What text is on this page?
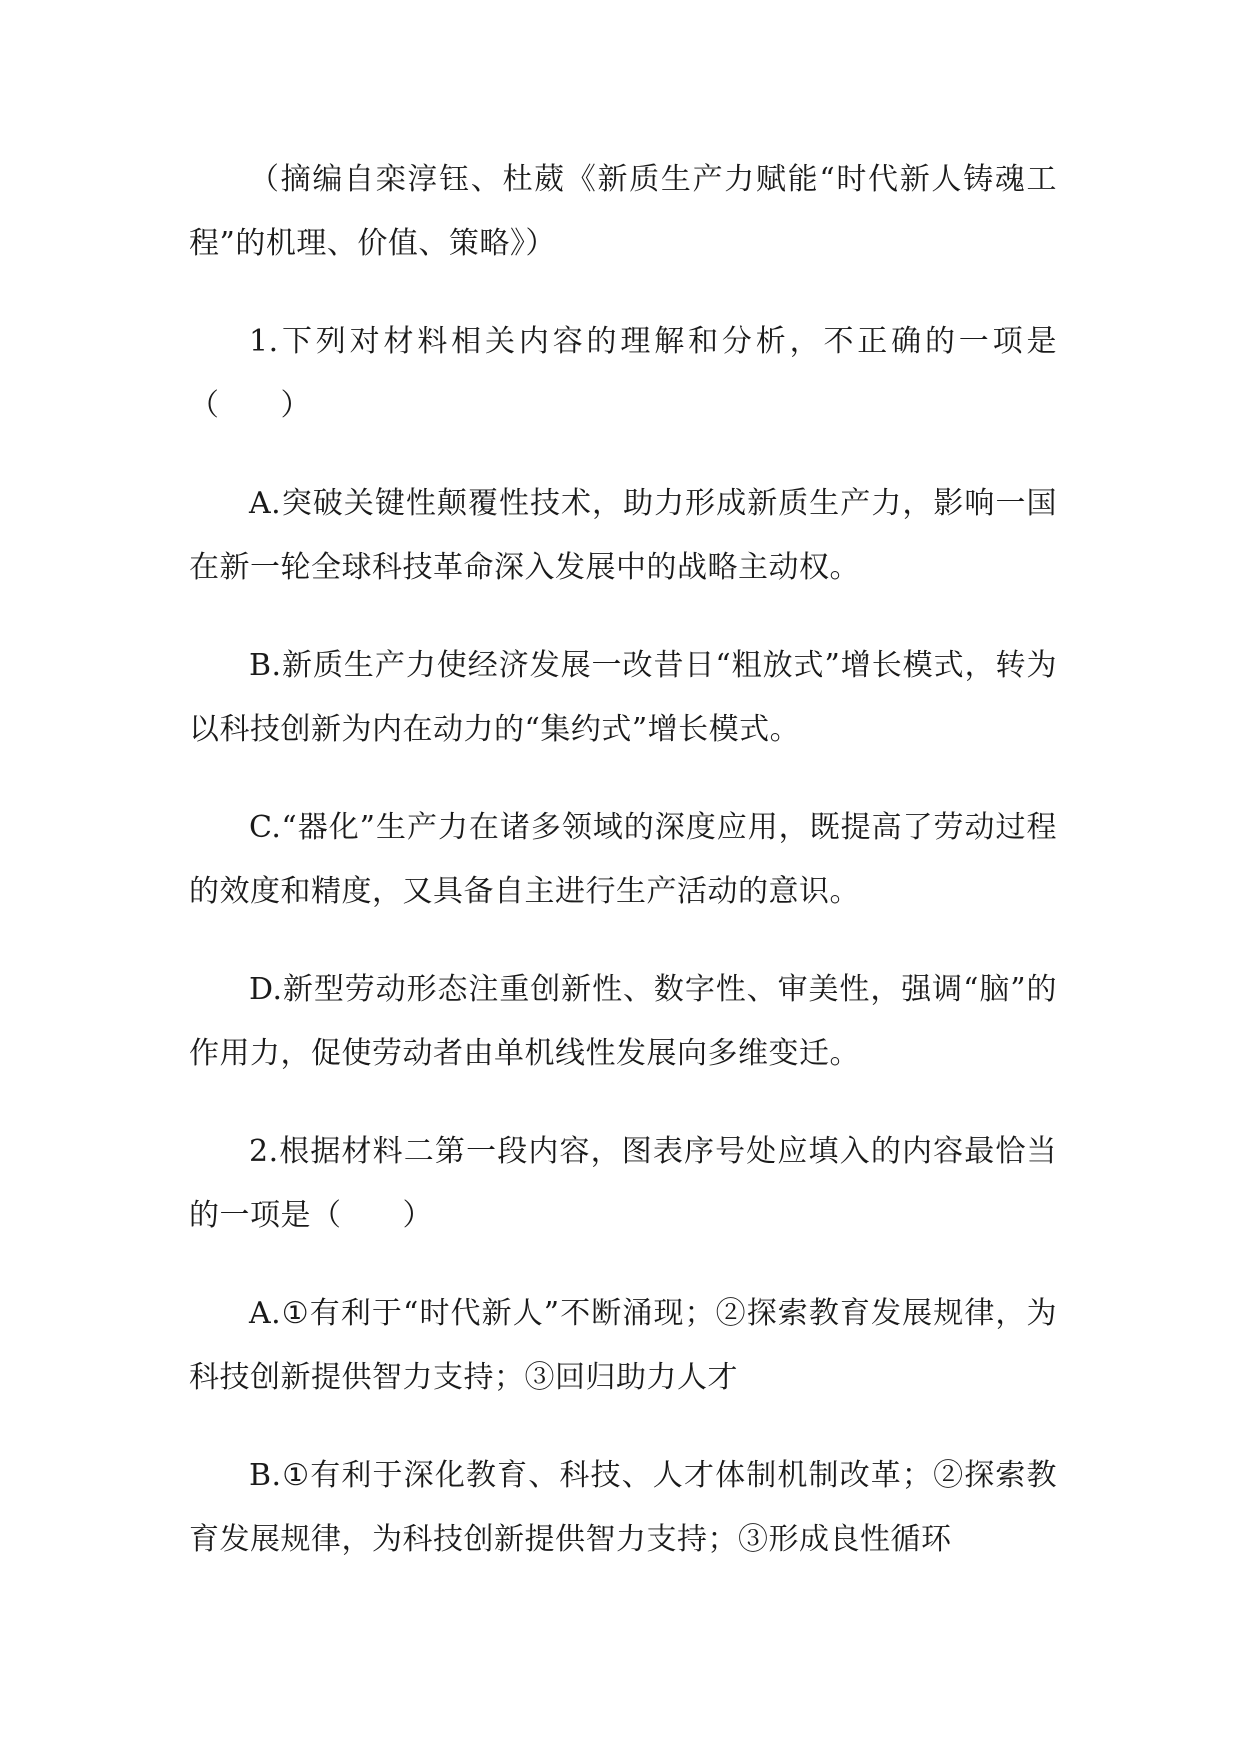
（摘编自栾淳钰、杜葳《新质生产力赋能“时代新人铸魂工程”的机理、价值、策略》）

1.下列对材料相关内容的理解和分析，不正确的一项是（　　）

A.突破关键性颠覆性技术，助力形成新质生产力，影响一国在新一轮全球科技革命深入发展中的战略主动权。

B.新质生产力使经济发展一改昔日“粗放式”增长模式，转为以科技创新为内在动力的“集约式”增长模式。

C.“器化”生产力在诸多领域的深度应用，既提高了劳动过程的效度和精度，又具备自主进行生产活动的意识。

D.新型劳动形态注重创新性、数字性、审美性，强调“脑”的作用力，促使劳动者由单机线性发展向多维变迁。

2.根据材料二第一段内容，图表序号处应填入的内容最恰当的一项是（　　）

A.①有利于“时代新人”不断涌现；②探索教育发展规律，为科技创新提供智力支持；③回归助力人才

B.①有利于深化教育、科技、人才体制机制改革；②探索教育发展规律，为科技创新提供智力支持；③形成良性循环
